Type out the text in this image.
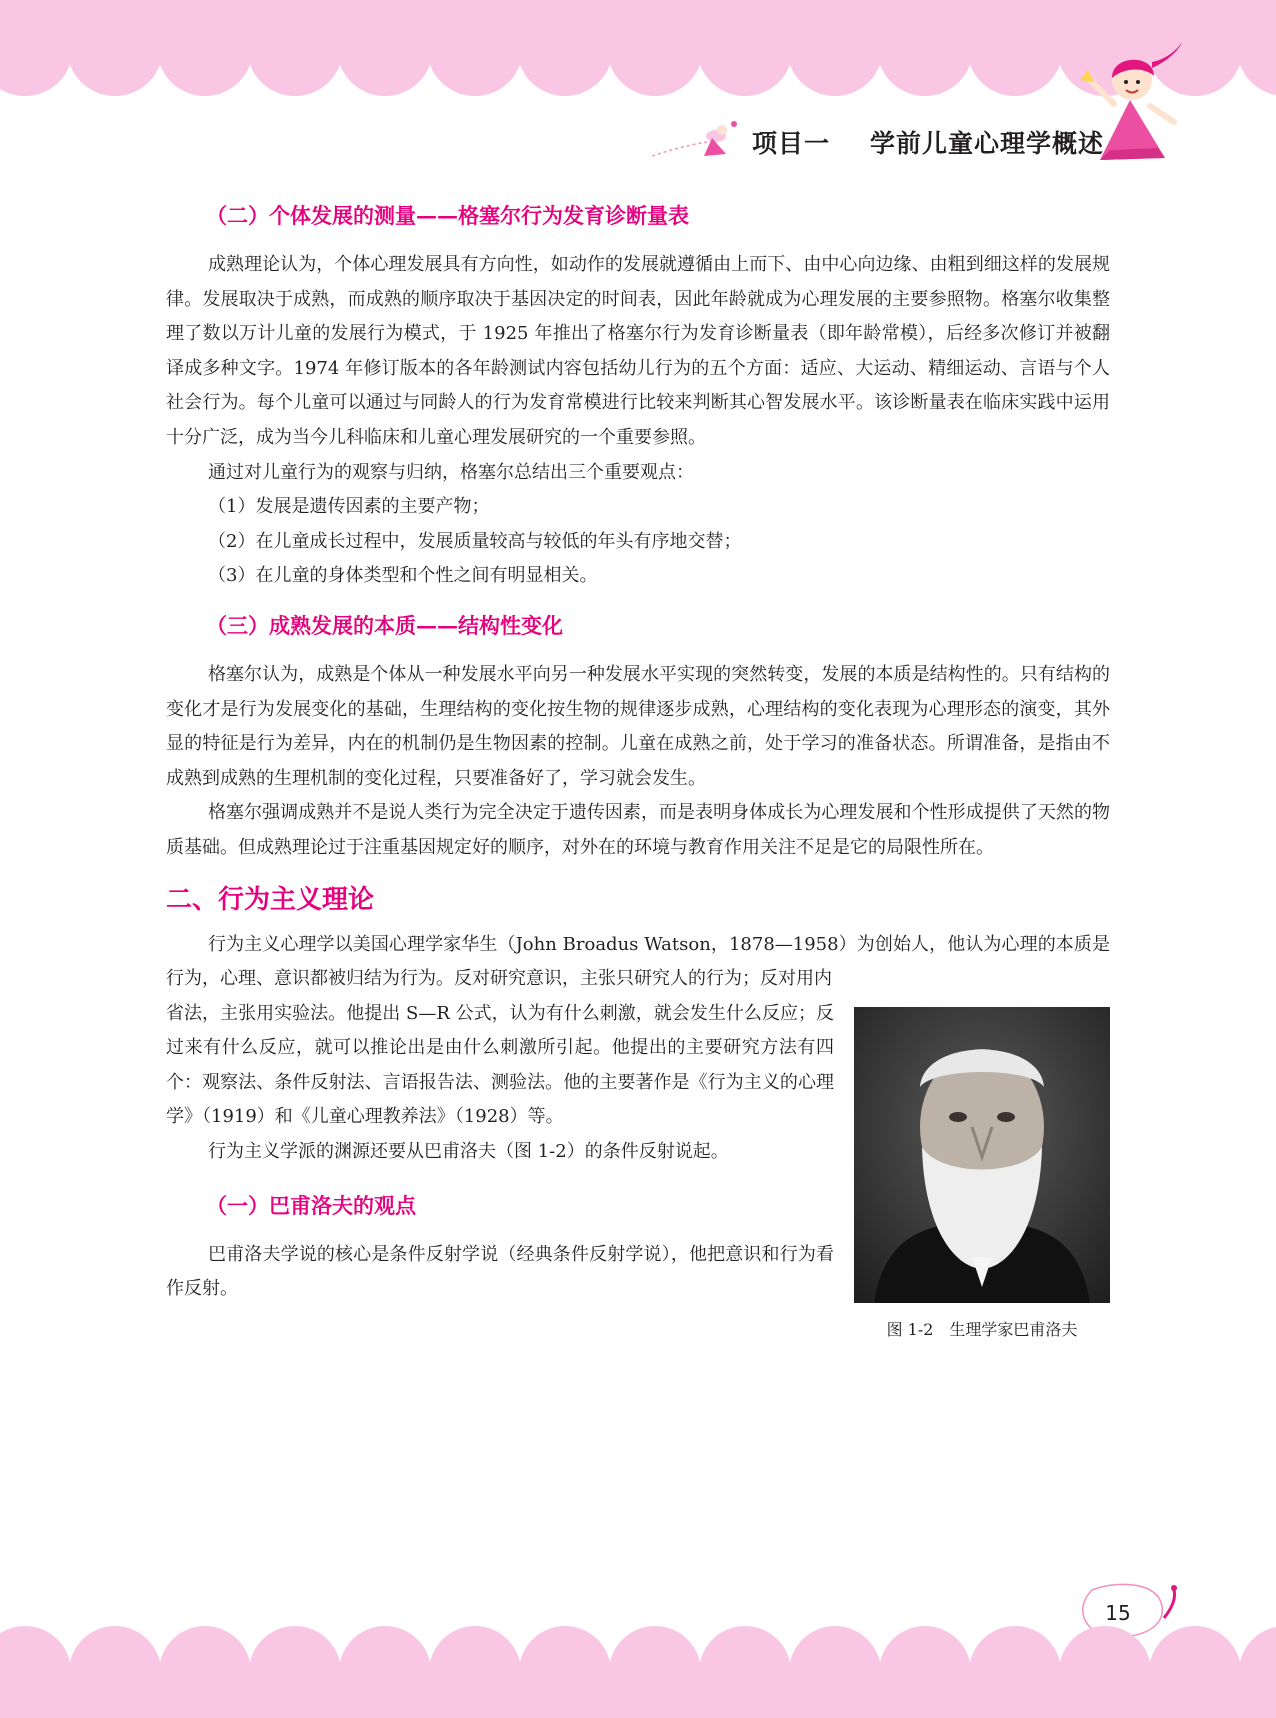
项目一 学前儿童心理学概述
（二）个体发展的测量——格塞尔行为发育诊断量表

成熟理论认为，个体心理发展具有方向性，如动作的发展就遵循由上而下、由中心向边缘、由粗到细这样的发展规律。发展取决于成熟，而成熟的顺序取决于基因决定的时间表，因此年龄就成为心理发展的主要参照物。格塞尔收集整理了数以万计儿童的发展行为模式，于 1925 年推出了格塞尔行为发育诊断量表（即年龄常模），后经多次修订并被翻译成多种文字。1974 年修订版本的各年龄测试内容包括幼儿行为的五个方面：适应、大运动、精细运动、言语与个人社会行为。每个儿童可以通过与同龄人的行为发育常模进行比较来判断其心智发展水平。该诊断量表在临床实践中运用十分广泛，成为当今儿科临床和儿童心理发展研究的一个重要参照。

通过对儿童行为的观察与归纳，格塞尔总结出三个重要观点：

（1）发展是遗传因素的主要产物；

（2）在儿童成长过程中，发展质量较高与较低的年头有序地交替；

（3）在儿童的身体类型和个性之间有明显相关。

（三）成熟发展的本质——结构性变化

格塞尔认为，成熟是个体从一种发展水平向另一种发展水平实现的突然转变，发展的本质是结构性的。只有结构的变化才是行为发展变化的基础，生理结构的变化按生物的规律逐步成熟，心理结构的变化表现为心理形态的演变，其外显的特征是行为差异，内在的机制仍是生物因素的控制。儿童在成熟之前，处于学习的准备状态。所谓准备，是指由不成熟到成熟的生理机制的变化过程，只要准备好了，学习就会发生。

格塞尔强调成熟并不是说人类行为完全决定于遗传因素，而是表明身体成长为心理发展和个性形成提供了天然的物质基础。但成熟理论过于注重基因规定好的顺序，对外在的环境与教育作用关注不足是它的局限性所在。

二、行为主义理论

行为主义心理学以美国心理学家华生（John Broadus Watson，1878—1958）为创始人，他认为心理的本质是行为，心理、意识都被归结为行为。反对研究意识，主张只研究人的行为；反对用内

图 1-2　生理学家巴甫洛夫

省法，主张用实验法。他提出 S—R 公式，认为有什么刺激，就会发生什么反应；反过来有什么反应，就可以推论出是由什么刺激所引起。他提出的主要研究方法有四个：观察法、条件反射法、言语报告法、测验法。他的主要著作是《行为主义的心理学》（1919）和《儿童心理教养法》（1928）等。

行为主义学派的渊源还要从巴甫洛夫（图 1-2）的条件反射说起。

（一）巴甫洛夫的观点

巴甫洛夫学说的核心是条件反射学说（经典条件反射学说），他把意识和行为看作反射。

15
